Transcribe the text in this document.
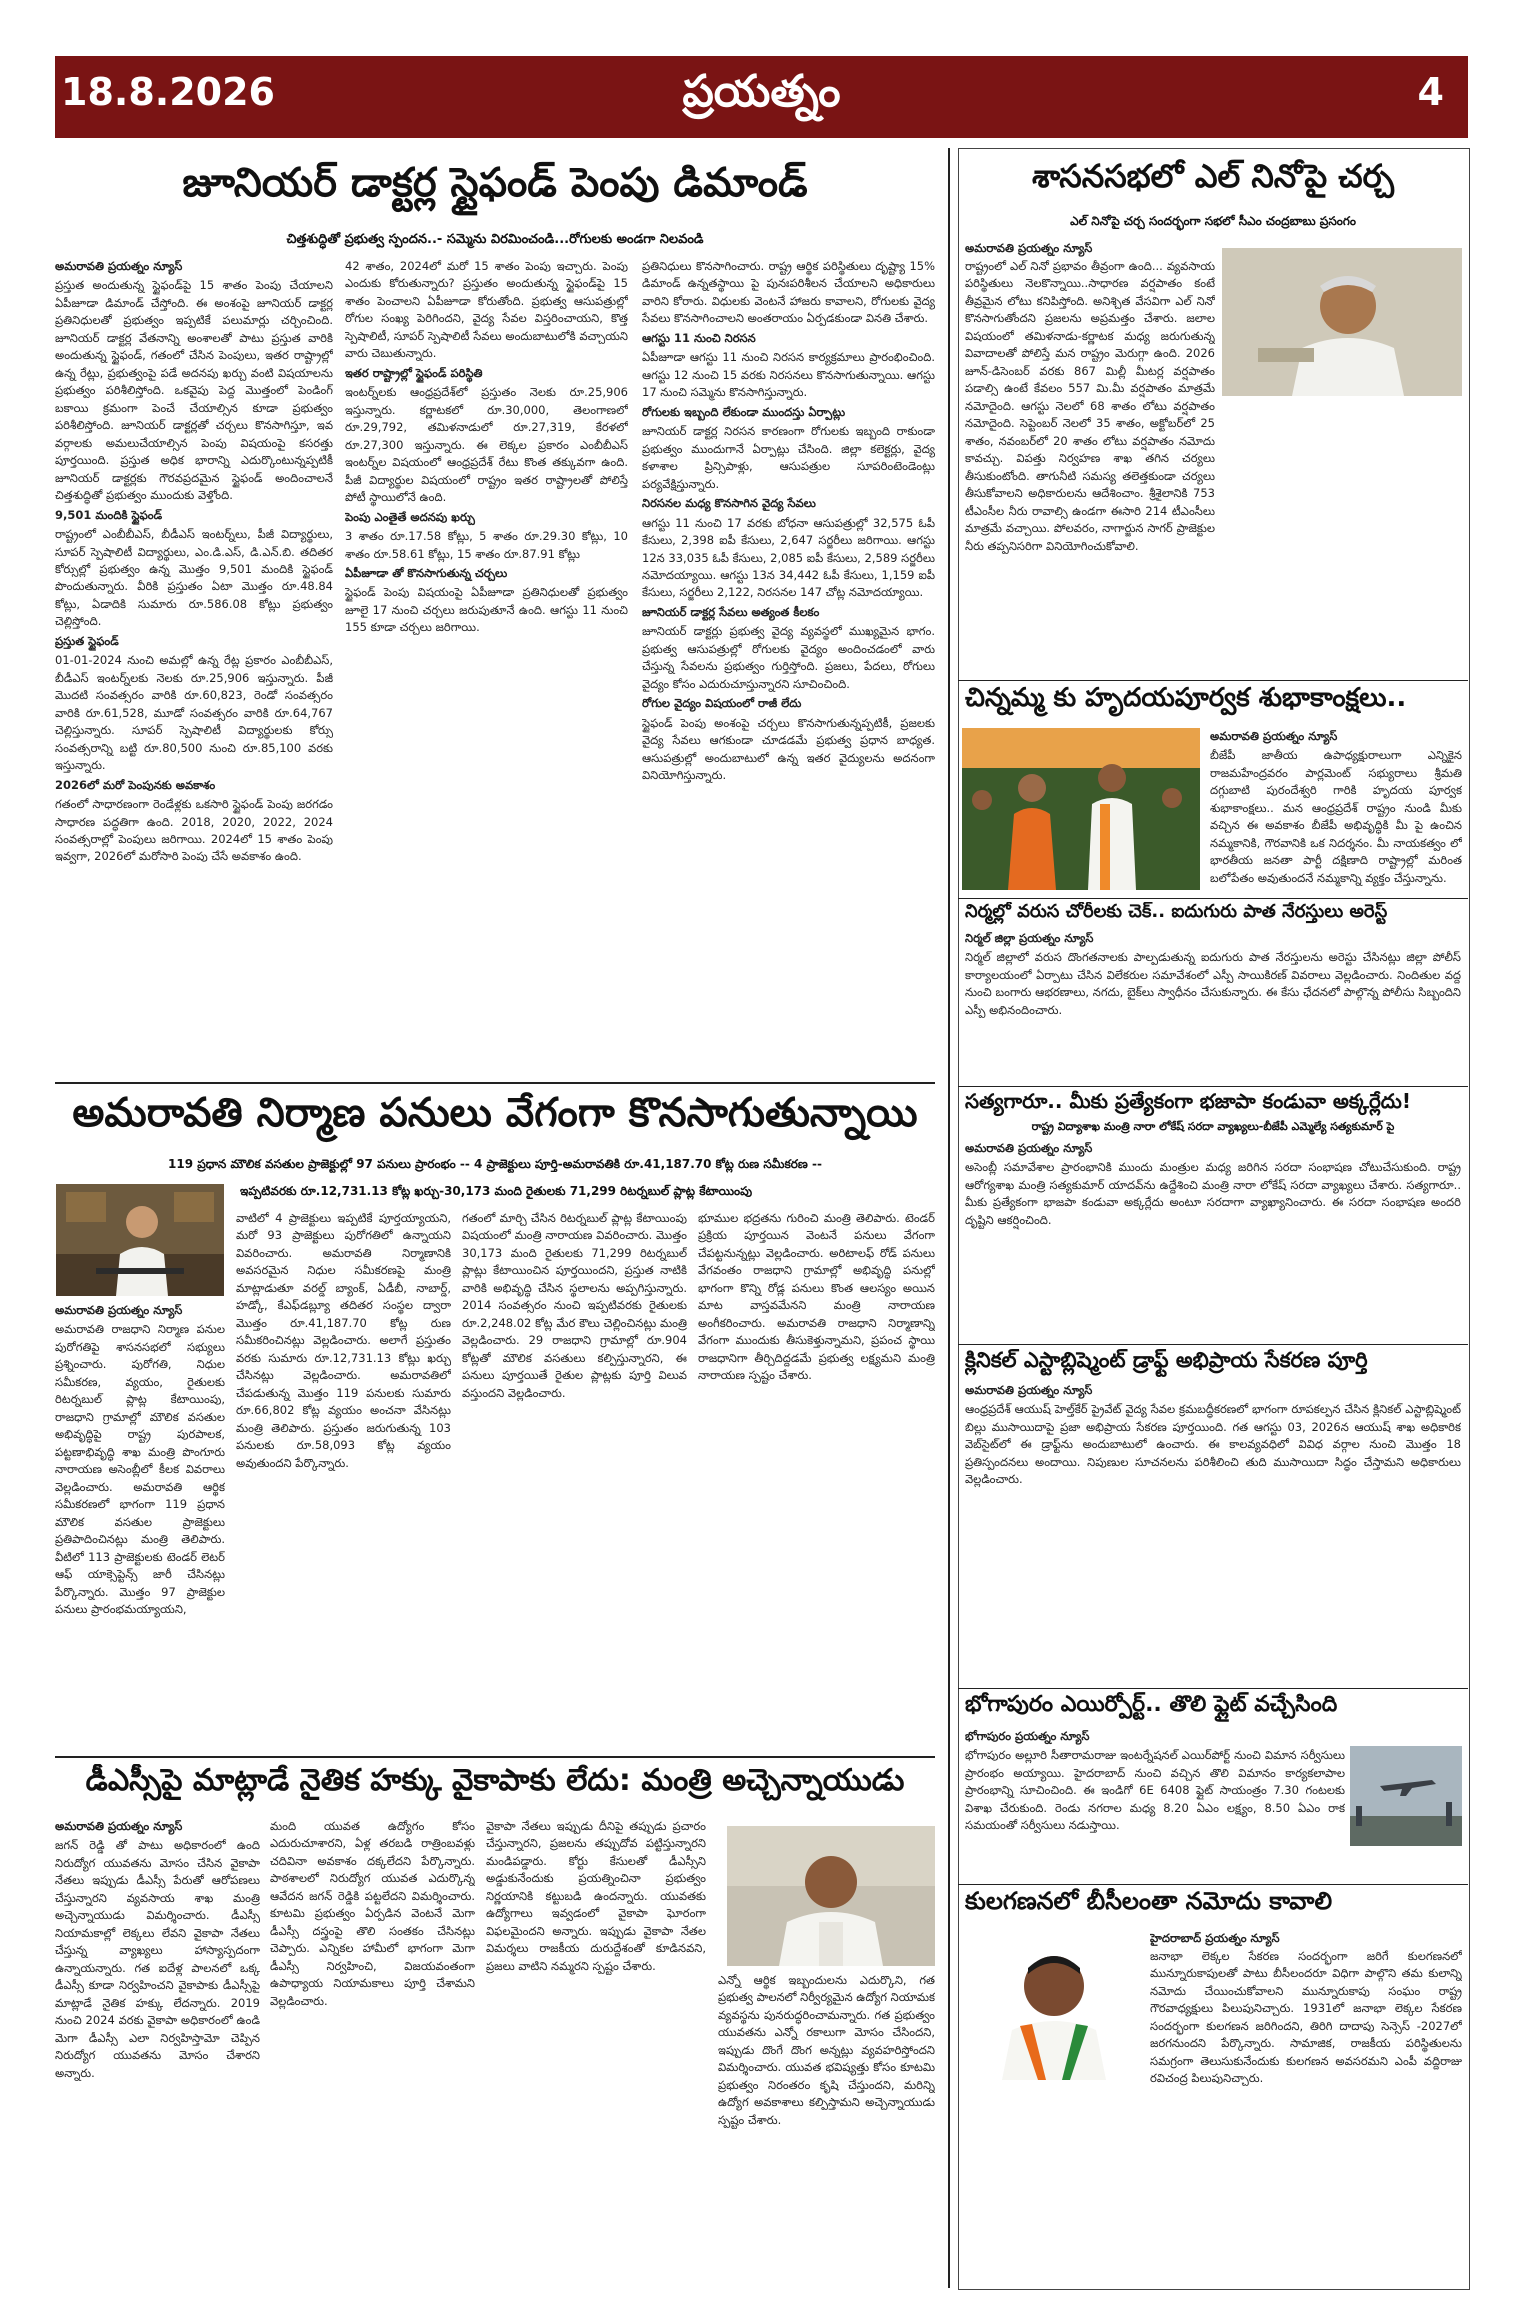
18.8.2026	ప్రయత్నం	4
జూనియర్ డాక్టర్ల స్టైఫండ్ పెంపు డిమాండ్
చిత్తశుద్ధితో ప్రభుత్వ స్పందన..- సమ్మెను విరమించండి...రోగులకు అండగా నిలవండి

అమరావతి ప్రయత్నం న్యూస్

ప్రస్తుత అందుతున్న స్టైఫండ్‌పై 15 శాతం పెంపు చేయాలని ఏపీజూడా డిమాండ్ చేస్తోంది. ఈ అంశంపై జూనియర్ డాక్టర్ల ప్రతినిధులతో ప్రభుత్వం ఇప్పటికే పలుమార్లు చర్చించింది. జూనియర్ డాక్టర్ల వేతనాన్ని అంశాలతో పాటు ప్రస్తుత వారికి అందుతున్న స్టైఫండ్, గతంలో చేసిన పెంపులు, ఇతర రాష్ట్రాల్లో ఉన్న రేట్లు, ప్రభుత్వంపై పడే అదనపు ఖర్చు వంటి విషయాలను ప్రభుత్వం పరిశీలిస్తోంది. ఒకవైపు పెద్ద మొత్తంలో పెండింగ్ బకాయి క్రమంగా పెంచే చేయాల్సిన కూడా ప్రభుత్వం పరిశీలిస్తోంది. జూనియర్ డాక్టర్లతో చర్చలు కొనసాగిస్తూ, ఇవ వర్గాలకు అమలుచేయాల్సిన పెంపు విషయంపై కసరత్తు పూర్తయింది. ప్రస్తుత అధిక భారాన్ని ఎదుర్కొంటున్నప్పటికీ జూనియర్ డాక్టర్లకు గౌరవప్రదమైన స్టైఫండ్ అందించాలనే చిత్తశుద్ధితో ప్రభుత్వం ముందుకు వెళ్తోంది.

9,501 మందికి స్టైఫండ్

రాష్ట్రంలో ఎంబీబీఎస్, బీడీఎస్ ఇంటర్న్‌లు, పీజీ విద్యార్థులు, సూపర్ స్పెషాలిటీ విద్యార్థులు, ఎం.డి.ఎస్, డి.ఎన్.బి. తదితర కోర్సుల్లో ప్రభుత్వం ఉన్న మొత్తం 9,501 మందికి స్టైఫండ్ పొందుతున్నారు. వీరికి ప్రస్తుతం ఏటా మొత్తం రూ.48.84 కోట్లు, ఏడాదికి సుమారు రూ.586.08 కోట్లు ప్రభుత్వం చెల్లిస్తోంది.

ప్రస్తుత స్టైఫండ్

01-01-2024 నుంచి అమల్లో ఉన్న రేట్ల ప్రకారం ఎంబీబీఎస్, బీడీఎస్ ఇంటర్న్‌లకు నెలకు రూ.25,906 ఇస్తున్నారు. పీజీ మొదటి సంవత్సరం వారికి రూ.60,823, రెండో సంవత్సరం వారికి రూ.61,528, మూడో సంవత్సరం వారికి రూ.64,767 చెల్లిస్తున్నారు. సూపర్ స్పెషాలిటీ విద్యార్థులకు కోర్సు సంవత్సరాన్ని బట్టి రూ.80,500 నుంచి రూ.85,100 వరకు ఇస్తున్నారు.

2026లో మరో పెంపునకు అవకాశం

గతంలో సాధారణంగా రెండేళ్లకు ఒకసారి స్టైఫండ్ పెంపు జరగడం సాధారణ పద్ధతిగా ఉంది. 2018, 2020, 2022, 2024 సంవత్సరాల్లో పెంపులు జరిగాయి. 2024లో 15 శాతం పెంపు ఇవ్వగా, 2026లో మరోసారి పెంపు చేసే అవకాశం ఉంది.

42 శాతం, 2024లో మరో 15 శాతం పెంపు ఇచ్చారు. పెంపు ఎందుకు కోరుతున్నారు? ప్రస్తుతం అందుతున్న స్టైఫండ్‌పై 15 శాతం పెంచాలని ఏపీజూడా కోరుతోంది. ప్రభుత్వ ఆసుపత్రుల్లో రోగుల సంఖ్య పెరిగిందని, వైద్య సేవల విస్తరించాయని, కొత్త స్పెషాలిటీ, సూపర్ స్పెషాలిటీ సేవలు అందుబాటులోకి వచ్చాయని వారు చెబుతున్నారు.

ఇతర రాష్ట్రాల్లో స్టైఫండ్ పరిస్థితి

ఇంటర్న్‌లకు ఆంధ్రప్రదేశ్‌లో ప్రస్తుతం నెలకు రూ.25,906 ఇస్తున్నారు. కర్ణాటకలో రూ.30,000, తెలంగాణలో రూ.29,792, తమిళనాడులో రూ.27,319, కేరళలో రూ.27,300 ఇస్తున్నారు. ఈ లెక్కల ప్రకారం ఎంబీబీఎస్ ఇంటర్న్‌ల విషయంలో ఆంధ్రప్రదేశ్ రేటు కొంత తక్కువగా ఉంది. పీజీ విద్యార్థుల విషయంలో రాష్ట్రం ఇతర రాష్ట్రాలతో పోలిస్తే పోటీ స్థాయిలోనే ఉంది.

పెంపు ఎంతైతే అదనపు ఖర్చు

3 శాతం రూ.17.58 కోట్లు, 5 శాతం రూ.29.30 కోట్లు, 10 శాతం రూ.58.61 కోట్లు, 15 శాతం రూ.87.91 కోట్లు

ఏపీజూడా తో కొనసాగుతున్న చర్చలు

స్టైఫండ్ పెంపు విషయంపై ఏపీజూడా ప్రతినిధులతో ప్రభుత్వం జూలై 17 నుంచి చర్చలు జరుపుతూనే ఉంది. ఆగస్టు 11 నుంచి 155 కూడా చర్చలు జరిగాయి.

ప్రతినిధులు కొనసాగించారు. రాష్ట్ర ఆర్థిక పరిస్థితులు దృష్ట్యా 15% డిమాండ్ ఉన్నతస్థాయి పై పునఃపరిశీలన చేయాలని అధికారులు వారిని కోరారు. విధులకు వెంటనే హాజరు కావాలని, రోగులకు వైద్య సేవలు కొనసాగించాలని అంతరాయం ఏర్పడకుండా వినతి చేశారు.

ఆగస్టు 11 నుంచి నిరసన

ఏపీజూడా ఆగస్టు 11 నుంచి నిరసన కార్యక్రమాలు ప్రారంభించింది. ఆగస్టు 12 నుంచి 15 వరకు నిరసనలు కొనసాగుతున్నాయి. ఆగస్టు 17 నుంచి సమ్మెను కొనసాగిస్తున్నారు.

రోగులకు ఇబ్బంది లేకుండా ముందస్తు ఏర్పాట్లు

జూనియర్ డాక్టర్ల నిరసన కారణంగా రోగులకు ఇబ్బంది రాకుండా ప్రభుత్వం ముందుగానే ఏర్పాట్లు చేసింది. జిల్లా కలెక్టర్లు, వైద్య కళాశాల ప్రిన్సిపాళ్లు, ఆసుపత్రుల సూపరింటెండెంట్లు పర్యవేక్షిస్తున్నారు.

నిరసనల మధ్య కొనసాగిన వైద్య సేవలు

ఆగస్టు 11 నుంచి 17 వరకు బోధనా ఆసుపత్రుల్లో 32,575 ఓపీ కేసులు, 2,398 ఐపీ కేసులు, 2,647 సర్జరీలు జరిగాయి. ఆగస్టు 12న 33,035 ఓపీ కేసులు, 2,085 ఐపీ కేసులు, 2,589 సర్జరీలు నమోదయ్యాయి. ఆగస్టు 13న 34,442 ఓపీ కేసులు, 1,159 ఐపీ కేసులు, సర్జరీలు 2,122, నిరసనల 147 చోట్ల నమోదయ్యాయి.

జూనియర్ డాక్టర్ల సేవలు అత్యంత కీలకం

జూనియర్ డాక్టర్లు ప్రభుత్వ వైద్య వ్యవస్థలో ముఖ్యమైన భాగం. ప్రభుత్వ ఆసుపత్రుల్లో రోగులకు వైద్యం అందించడంలో వారు చేస్తున్న సేవలను ప్రభుత్వం గుర్తిస్తోంది. ప్రజలు, పేదలు, రోగులు వైద్యం కోసం ఎదురుచూస్తున్నారని సూచించింది.

రోగుల వైద్యం విషయంలో రాజీ లేదు

స్టైఫండ్ పెంపు అంశంపై చర్చలు కొనసాగుతున్నప్పటికీ, ప్రజలకు వైద్య సేవలు ఆగకుండా చూడడమే ప్రభుత్వ ప్రధాన బాధ్యత. ఆసుపత్రుల్లో అందుబాటులో ఉన్న ఇతర వైద్యులను అదనంగా వినియోగిస్తున్నారు.

అమరావతి నిర్మాణ పనులు వేగంగా కొనసాగుతున్నాయి
119 ప్రధాన మౌలిక వసతుల ప్రాజెక్టుల్లో 97 పనులు ప్రారంభం -- 4 ప్రాజెక్టులు పూర్తి-అమరావతికి రూ.41,187.70 కోట్ల రుణ సమీకరణ --
ఇప్పటివరకు రూ.12,731.13 కోట్ల ఖర్చు-30,173 మంది రైతులకు 71,299 రిటర్నబుల్ ప్లాట్ల కేటాయింపు

అమరావతి ప్రయత్నం న్యూస్

అమరావతి రాజధాని నిర్మాణ పనుల పురోగతిపై శాసనసభలో సభ్యులు ప్రశ్నించారు. పురోగతి, నిధుల సమీకరణ, వ్యయం, రైతులకు రిటర్నబుల్ ప్లాట్ల కేటాయింపు, రాజధాని గ్రామాల్లో మౌలిక వసతుల అభివృద్ధిపై రాష్ట్ర పురపాలక, పట్టణాభివృద్ధి శాఖ మంత్రి పొంగూరు నారాయణ అసెంబ్లీలో కీలక వివరాలు వెల్లడించారు. అమరావతి ఆర్థిక సమీకరణలో భాగంగా 119 ప్రధాన మౌలిక వసతుల ప్రాజెక్టులు ప్రతిపాదించినట్లు మంత్రి తెలిపారు. వీటిలో 113 ప్రాజెక్టులకు టెండర్ లెటర్ ఆఫ్ యాక్సెప్టెన్స్ జారీ చేసినట్లు పేర్కొన్నారు. మొత్తం 97 ప్రాజెక్టుల పనులు ప్రారంభమయ్యాయని,

వాటిలో 4 ప్రాజెక్టులు ఇప్పటికే పూర్తయ్యాయని, మరో 93 ప్రాజెక్టులు పురోగతిలో ఉన్నాయని వివరించారు. అమరావతి నిర్మాణానికి అవసరమైన నిధుల సమీకరణపై మంత్రి మాట్లాడుతూ వరల్డ్ బ్యాంక్, ఏడీబీ, నాబార్డ్, హడ్కో, కేఎఫ్‌డబ్ల్యూ తదితర సంస్థల ద్వారా మొత్తం రూ.41,187.70 కోట్ల రుణ సమీకరించినట్లు వెల్లడించారు. అలాగే ప్రస్తుతం వరకు సుమారు రూ.12,731.13 కోట్లు ఖర్చు చేసినట్లు వెల్లడించారు. అమరావతిలో చేపడుతున్న మొత్తం 119 పనులకు సుమారు రూ.66,802 కోట్ల వ్యయం అంచనా వేసినట్లు మంత్రి తెలిపారు. ప్రస్తుతం జరుగుతున్న 103 పనులకు రూ.58,093 కోట్ల వ్యయం అవుతుందని పేర్కొన్నారు.

గతంలో మార్చి చేసిన రిటర్నబుల్ ప్లాట్ల కేటాయింపు విషయంలో మంత్రి నారాయణ వివరించారు. మొత్తం 30,173 మంది రైతులకు 71,299 రిటర్నబుల్ ప్లాట్లు కేటాయించిన పూర్తయిందని, ప్రస్తుత నాటికి వారికి అభివృద్ధి చేసిన స్థలాలను అప్పగిస్తున్నారు. 2014 సంవత్సరం నుంచి ఇప్పటివరకు రైతులకు రూ.2,248.02 కోట్ల మేర కౌలు చెల్లించినట్లు మంత్రి వెల్లడించారు. 29 రాజధాని గ్రామాల్లో రూ.904 కోట్లతో మౌలిక వసతులు కల్పిస్తున్నారని, ఈ పనులు పూర్తయితే రైతుల ప్లాట్లకు పూర్తి విలువ వస్తుందని వెల్లడించారు.

భూముల భద్రతను గురించి మంత్రి తెలిపారు. టెండర్ ప్రక్రియ పూర్తయిన వెంటనే పనులు వేగంగా చేపట్టనున్నట్లు వెల్లడించారు. అరిటాలఫ్ రోడ్ పనులు వేగవంతం రాజధాని గ్రామాల్లో అభివృద్ధి పనుల్లో భాగంగా కొన్ని రోడ్ల పనులు కొంత ఆలస్యం అయిన మాట వాస్తవమేనని మంత్రి నారాయణ అంగీకరించారు. అమరావతి రాజధాని నిర్మాణాన్ని వేగంగా ముందుకు తీసుకెళ్తున్నామని, ప్రపంచ స్థాయి రాజధానిగా తీర్చిదిద్దడమే ప్రభుత్వ లక్ష్యమని మంత్రి నారాయణ స్పష్టం చేశారు.

డీఎస్సీపై మాట్లాడే నైతిక హక్కు వైకాపాకు లేదు: మంత్రి అచ్చెన్నాయుడు

అమరావతి ప్రయత్నం న్యూస్

జగన్ రెడ్డి తో పాటు అధికారంలో ఉంది నిరుద్యోగ యువతను మోసం చేసిన వైకాపా నేతలు ఇప్పుడు డీఎస్సీ పేరుతో ఆరోపణలు చేస్తున్నారని వ్యవసాయ శాఖ మంత్రి అచ్చెన్నాయుడు విమర్శించారు. డీఎస్సీ నియామకాల్లో లెక్కలు లేవని వైకాపా నేతలు చేస్తున్న వ్యాఖ్యలు హాస్యాస్పదంగా ఉన్నాయన్నారు. గత ఐదేళ్ల పాలనలో ఒక్క డీఎస్సీ కూడా నిర్వహించని వైకాపాకు డీఎస్సీపై మాట్లాడే నైతిక హక్కు లేదన్నారు. 2019 నుంచి 2024 వరకు వైకాపా అధికారంలో ఉండి మెగా డీఎస్సీ ఎలా నిర్వహిస్తామో చెప్పిన నిరుద్యోగ యువతను మోసం చేశారని అన్నారు.

మంది యువత ఉద్యోగం కోసం ఎదురుచూశారని, ఏళ్ల తరబడి రాత్రింబవళ్లు చదివినా అవకాశం దక్కలేదని పేర్కొన్నారు. పాఠశాలలో నిరుద్యోగ యువత ఎదుర్కొన్న ఆవేదన జగన్ రెడ్డికి పట్టలేదని విమర్శించారు. కూటమి ప్రభుత్వం ఏర్పడిన వెంటనే మెగా డీఎస్సీ దస్త్రంపై తొలి సంతకం చేసినట్లు చెప్పారు. ఎన్నికల హామీలో భాగంగా మెగా డీఎస్సీ నిర్వహించి, విజయవంతంగా ఉపాధ్యాయ నియామకాలు పూర్తి చేశామని వెల్లడించారు.

వైకాపా నేతలు ఇప్పుడు దీనిపై తప్పుడు ప్రచారం చేస్తున్నారని, ప్రజలను తప్పుదోవ పట్టిస్తున్నారని మండిపడ్డారు. కోర్టు కేసులతో డీఎస్సీని అడ్డుకునేందుకు ప్రయత్నించినా ప్రభుత్వం నిర్ణయానికి కట్టుబడి ఉందన్నారు. యువతకు ఉద్యోగాలు ఇవ్వడంలో వైకాపా ఘోరంగా విఫలమైందని అన్నారు. ఇప్పుడు వైకాపా నేతల విమర్శలు రాజకీయ దురుద్దేశంతో కూడినవని, ప్రజలు వాటిని నమ్మరని స్పష్టం చేశారు.

ఎన్నో ఆర్థిక ఇబ్బందులను ఎదుర్కొని, గత ప్రభుత్వ పాలనలో నిర్వీర్యమైన ఉద్యోగ నియామక వ్యవస్థను పునరుద్ధరించామన్నారు. గత ప్రభుత్వం యువతను ఎన్నో రకాలుగా మోసం చేసిందని, ఇప్పుడు దొంగే దొంగ అన్నట్లు వ్యవహరిస్తోందని విమర్శించారు. యువత భవిష్యత్తు కోసం కూటమి ప్రభుత్వం నిరంతరం కృషి చేస్తుందని, మరిన్ని ఉద్యోగ అవకాశాలు కల్పిస్తామని అచ్చెన్నాయుడు స్పష్టం చేశారు.

శాసనసభలో ఎల్ నినోపై చర్చ
ఎల్ నినోపై చర్చ సందర్భంగా సభలో సీఎం చంద్రబాబు ప్రసంగం

అమరావతి ప్రయత్నం న్యూస్

రాష్ట్రంలో ఎల్ నినో ప్రభావం తీవ్రంగా ఉంది... వ్యవసాయ పరిస్థితులు నెలకొన్నాయి..సాధారణ వర్షపాతం కంటే తీవ్రమైన లోటు కనిపిస్తోంది. అనిశ్చిత వేసవిగా ఎల్ నినో కొనసాగుతోందని ప్రజలను అప్రమత్తం చేశారు. జలాల విషయంలో తమిళనాడు-కర్ణాటక మధ్య జరుగుతున్న వివాదాలతో పోలిస్తే మన రాష్ట్రం మెరుగ్గా ఉంది. 2026 జూన్-డిసెంబర్ వరకు 867 మిల్లీ మీటర్ల వర్షపాతం పడాల్సి ఉంటే కేవలం 557 మి.మీ వర్షపాతం మాత్రమే నమోదైంది. ఆగస్టు నెలలో 68 శాతం లోటు వర్షపాతం నమోదైంది. సెప్టెంబర్ నెలలో 35 శాతం, అక్టోబర్‌లో 25 శాతం, నవంబర్‌లో 20 శాతం లోటు వర్షపాతం నమోదు కావచ్చు. విపత్తు నిర్వహణ శాఖ తగిన చర్యలు తీసుకుంటోంది. తాగునీటి సమస్య తలెత్తకుండా చర్యలు తీసుకోవాలని అధికారులను ఆదేశించాం. శ్రీశైలానికి 753 టీఎంసీల నీరు రావాల్సి ఉండగా ఈసారి 214 టీఎంసీలు మాత్రమే వచ్చాయి. పోలవరం, నాగార్జున సాగర్ ప్రాజెక్టుల నీరు తప్పనిసరిగా వినియోగించుకోవాలి.

చిన్నమ్మ కు హృదయపూర్వక శుభాకాంక్షలు..

అమరావతి ప్రయత్నం న్యూస్

బీజేపీ జాతీయ ఉపాధ్యక్షురాలుగా ఎన్నికైన రాజమహేంద్రవరం పార్లమెంట్ సభ్యురాలు శ్రీమతి దగ్గుబాటి పురందేశ్వరి గారికి హృదయ పూర్వక శుభాకాంక్షలు.. మన ఆంధ్రప్రదేశ్ రాష్ట్రం నుండి మీకు వచ్చిన ఈ అవకాశం బీజేపీ అభివృద్ధికి మీ పై ఉంచిన నమ్మకానికి, గౌరవానికి ఒక నిదర్శనం. మీ నాయకత్వం లో భారతీయ జనతా పార్టీ దక్షిణాది రాష్ట్రాల్లో మరింత బలోపేతం అవుతుందనే నమ్మకాన్ని వ్యక్తం చేస్తున్నాను.

నిర్మల్లో వరుస చోరీలకు చెక్.. ఐదుగురు పాత నేరస్తులు అరెస్ట్

నిర్మల్ జిల్లా ప్రయత్నం న్యూస్

నిర్మల్ జిల్లాలో వరుస దొంగతనాలకు పాల్పడుతున్న ఐదుగురు పాత నేరస్తులను అరెస్టు చేసినట్లు జిల్లా పోలీస్ కార్యాలయంలో ఏర్పాటు చేసిన విలేకరుల సమావేశంలో ఎస్పీ సాయికిరణ్ వివరాలు వెల్లడించారు. నిందితుల వద్ద నుంచి బంగారు ఆభరణాలు, నగదు, బైక్‌లు స్వాధీనం చేసుకున్నారు. ఈ కేసు ఛేదనలో పాల్గొన్న పోలీసు సిబ్బందిని ఎస్పీ అభినందించారు.

సత్యగారూ.. మీకు ప్రత్యేకంగా భజాపా కండువా అక్కర్లేదు!
రాష్ట్ర విద్యాశాఖ మంత్రి నారా లోకేష్ సరదా వ్యాఖ్యలు-బీజేపీ ఎమ్మెల్యే సత్యకుమార్ పై

అమరావతి ప్రయత్నం న్యూస్

అసెంబ్లీ సమావేశాల ప్రారంభానికి ముందు మంత్రుల మధ్య జరిగిన సరదా సంభాషణ చోటుచేసుకుంది. రాష్ట్ర ఆరోగ్యశాఖ మంత్రి సత్యకుమార్ యాదవ్‌ను ఉద్దేశించి మంత్రి నారా లోకేష్ సరదా వ్యాఖ్యలు చేశారు. సత్యగారూ.. మీకు ప్రత్యేకంగా భాజపా కండువా అక్కర్లేదు అంటూ సరదాగా వ్యాఖ్యానించారు. ఈ సరదా సంభాషణ అందరి దృష్టిని ఆకర్షించింది.

క్లినికల్ ఎస్టాబ్లిష్మెంట్ డ్రాఫ్ట్ అభిప్రాయ సేకరణ పూర్తి

అమరావతి ప్రయత్నం న్యూస్

ఆంధ్రప్రదేశ్ ఆయుష్ హెల్త్‌కేర్ ప్రైవేట్ వైద్య సేవల క్రమబద్ధీకరణలో భాగంగా రూపకల్పన చేసిన క్లినికల్ ఎస్టాబ్లిష్మెంట్ బిల్లు ముసాయిదాపై ప్రజా అభిప్రాయ సేకరణ పూర్తయింది. గత ఆగస్టు 03, 2026న ఆయుష్ శాఖ అధికారిక వెబ్‌సైట్‌లో ఈ డ్రాఫ్ట్‌ను అందుబాటులో ఉంచారు. ఈ కాలవ్యవధిలో వివిధ వర్గాల నుంచి మొత్తం 18 ప్రతిస్పందనలు అందాయి. నిపుణుల సూచనలను పరిశీలించి తుది ముసాయిదా సిద్ధం చేస్తామని అధికారులు వెల్లడించారు.

భోగాపురం ఎయిర్పోర్ట్.. తొలి ఫ్లైట్ వచ్చేసింది

భోగాపురం ప్రయత్నం న్యూస్

భోగాపురం అల్లూరి సీతారామరాజు ఇంటర్నేషనల్ ఎయిర్‌పోర్ట్ నుంచి విమాన సర్వీసులు ప్రారంభం అయ్యాయి. హైదరాబాద్ నుంచి వచ్చిన తొలి విమానం కార్యకలాపాల ప్రారంభాన్ని సూచించింది. ఈ ఇండిగో 6E 6408 ఫ్లైట్ సాయంత్రం 7.30 గంటలకు విశాఖ చేరుకుంది. రెండు నగరాల మధ్య 8.20 ఏఎం లక్ష్యం, 8.50 ఏఎం రాక సమయంతో సర్వీసులు నడుస్తాయి.

కులగణనలో బీసీలంతా నమోదు కావాలి

హైదరాబాద్ ప్రయత్నం న్యూస్

జనాభా లెక్కల సేకరణ సందర్భంగా జరిగే కులగణనలో మున్నూరుకాపులతో పాటు బీసీలందరూ విధిగా పాల్గొని తమ కులాన్ని నమోదు చేయించుకోవాలని మున్నూరుకాపు సంఘం రాష్ట్ర గౌరవాధ్యక్షులు పిలుపునిచ్చారు. 1931లో జనాభా లెక్కల సేకరణ సందర్భంగా కులగణన జరిగిందని, తిరిగి దాదాపు సెన్సెస్ -2027లో జరగనుందని పేర్కొన్నారు. సామాజిక, రాజకీయ పరిస్థితులను సమగ్రంగా తెలుసుకునేందుకు కులగణన అవసరమని ఎంపీ వద్దిరాజు రవిచంద్ర పిలుపునిచ్చారు.
